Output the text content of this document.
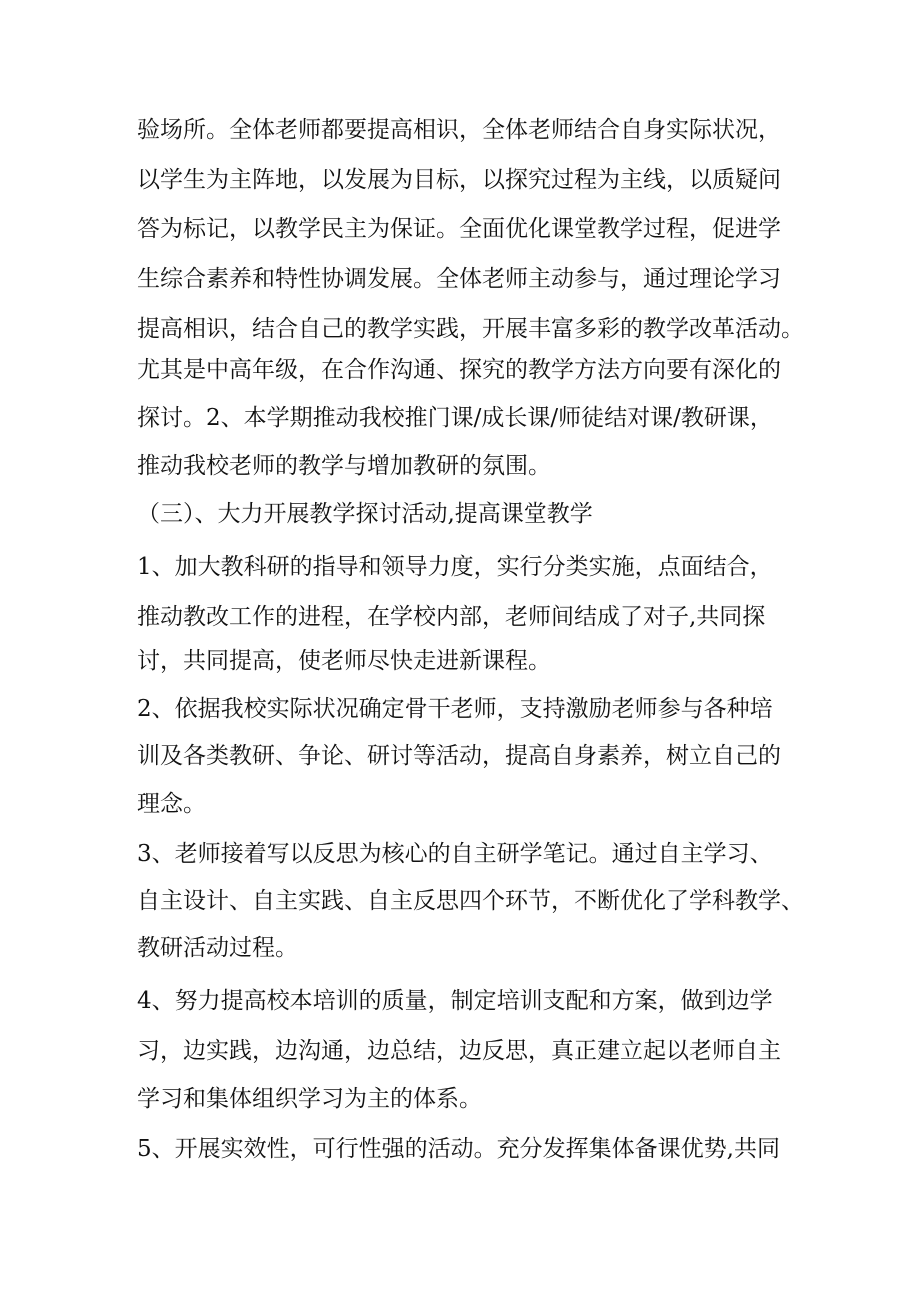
验场所。全体老师都要提高相识，全体老师结合自身实际状况，
以学生为主阵地，以发展为目标，以探究过程为主线，以质疑问
答为标记，以教学民主为保证。全面优化课堂教学过程，促进学
生综合素养和特性协调发展。全体老师主动参与，通过理论学习
提高相识，结合自己的教学实践，开展丰富多彩的教学改革活动。
尤其是中高年级，在合作沟通、探究的教学方法方向要有深化的
探讨。2、本学期推动我校推门课/成长课/师徒结对课/教研课，
推动我校老师的教学与增加教研的氛围。
（三）、大力开展教学探讨活动,提高课堂教学
1、加大教科研的指导和领导力度，实行分类实施，点面结合，
推动教改工作的进程，在学校内部，老师间结成了对子,共同探
讨，共同提高，使老师尽快走进新课程。
2、依据我校实际状况确定骨干老师，支持激励老师参与各种培
训及各类教研、争论、研讨等活动，提高自身素养，树立自己的
理念。
3、老师接着写以反思为核心的自主研学笔记。通过自主学习、
自主设计、自主实践、自主反思四个环节，不断优化了学科教学、
教研活动过程。
4、努力提高校本培训的质量，制定培训支配和方案，做到边学
习，边实践，边沟通，边总结，边反思，真正建立起以老师自主
学习和集体组织学习为主的体系。
5、开展实效性，可行性强的活动。充分发挥集体备课优势,共同
